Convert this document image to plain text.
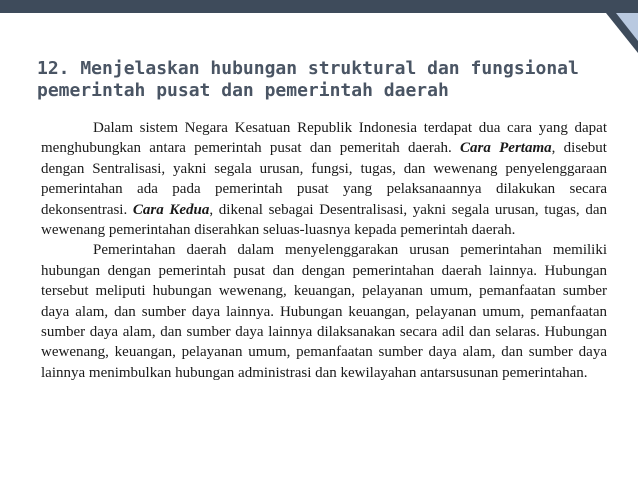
12. Menjelaskan hubungan struktural dan fungsional
pemerintah pusat dan pemerintah daerah

Dalam sistem Negara Kesatuan Republik Indonesia terdapat dua cara yang dapat menghubungkan antara pemerintah pusat dan pemeritah daerah. Cara Pertama, disebut dengan Sentralisasi, yakni segala urusan, fungsi, tugas, dan wewenang penyelenggaraan pemerintahan ada pada pemerintah pusat yang pelaksanaannya dilakukan secara dekonsentrasi. Cara Kedua, dikenal sebagai Desentralisasi, yakni segala urusan, tugas, dan wewenang pemerintahan diserahkan seluas-luasnya kepada pemerintah daerah.

Pemerintahan daerah dalam menyelenggarakan urusan pemerintahan memiliki hubungan dengan pemerintah pusat dan dengan pemerintahan daerah lainnya. Hubungan tersebut meliputi hubungan wewenang, keuangan, pelayanan umum, pemanfaatan sumber daya alam, dan sumber daya lainnya. Hubungan keuangan, pelayanan umum, pemanfaatan sumber daya alam, dan sumber daya lainnya dilaksanakan secara adil dan selaras. Hubungan wewenang, keuangan, pelayanan umum, pemanfaatan sumber daya alam, dan sumber daya lainnya menimbulkan hubungan administrasi dan kewilayahan antarsusunan pemerintahan.
